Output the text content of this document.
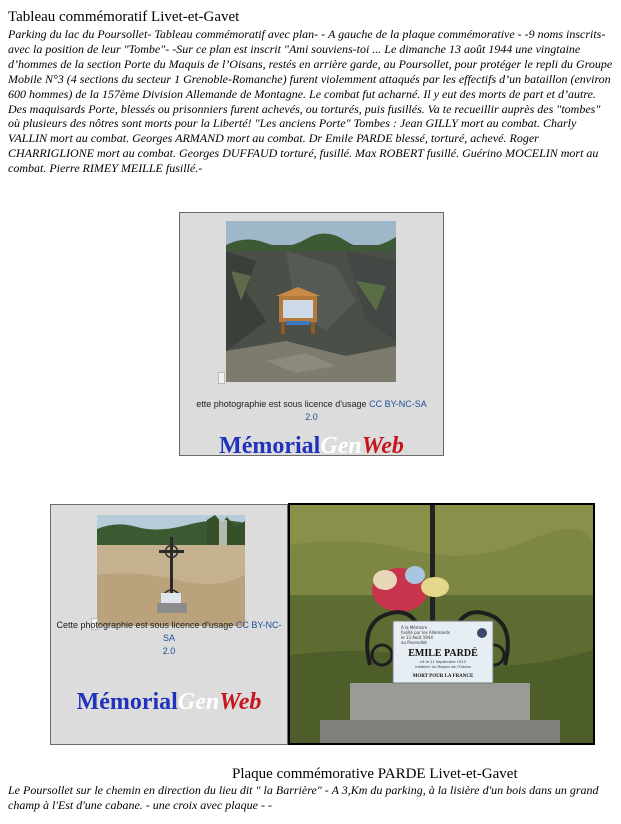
Tableau commémoratif Livet-et-Gavet

Parking du lac du Poursollet- Tableau commémoratif avec plan- - A gauche de la plaque commémorative - -9 noms inscrits- avec la position de leur "Tombe"- -Sur ce plan est inscrit "Ami souviens-toi ... Le dimanche 13 août 1944 une vingtaine d’hommes de la section Porte du Maquis de l’Oisans, restés en arrière garde, au Poursollet, pour protéger le repli du Groupe Mobile N°3 (4 sections du secteur 1 Grenoble-Romanche) furent violemment attaqués par les effectifs d’un bataillon (environ 600 hommes) de la 157ème Division Allemande de Montagne. Le combat fut acharné. Il y eut des morts de part et d’autre. Des maquisards Porte, blessés ou prisonniers furent achevés, ou torturés, puis fusillés. Va te recueillir auprès des "tombes" où plusieurs des nôtres sont morts pour la Liberté! "Les anciens Porte" Tombes : Jean GILLY mort au combat. Charly VALLIN mort au combat. Georges ARMAND mort au combat. Dr Emile PARDE blessé, torturé, achevé. Roger CHARRIGLIONE mort au combat. Georges DUFFAUD torturé, fusillé. Max ROBERT fusillé. Guérino MOCELIN mort au combat. Pierre RIMEY MEILLE fusillé.-

ette photographie est sous licence d'usage CC BY-NC-SA
2.0
MémorialGenWeb
Cette photographie est sous licence d'usage CC BY-NC-SA
2.0
MémorialGenWeb
A la Mémoire
fusillé par les Allemands
le 13 Août 1944
au Poursollet
EMILE PARDÉ
né le 21 Septembre 1910
médecin du Maquis de l'Oisans
MORT POUR LA FRANCE
Plaque commémorative PARDE Livet-et-Gavet

Le Poursollet sur le chemin en direction du lieu dit " la Barrière" - A 3,Km du parking, à la lisière d'un bois dans un grand champ à l'Est d'une cabane. - une croix avec plaque - -
